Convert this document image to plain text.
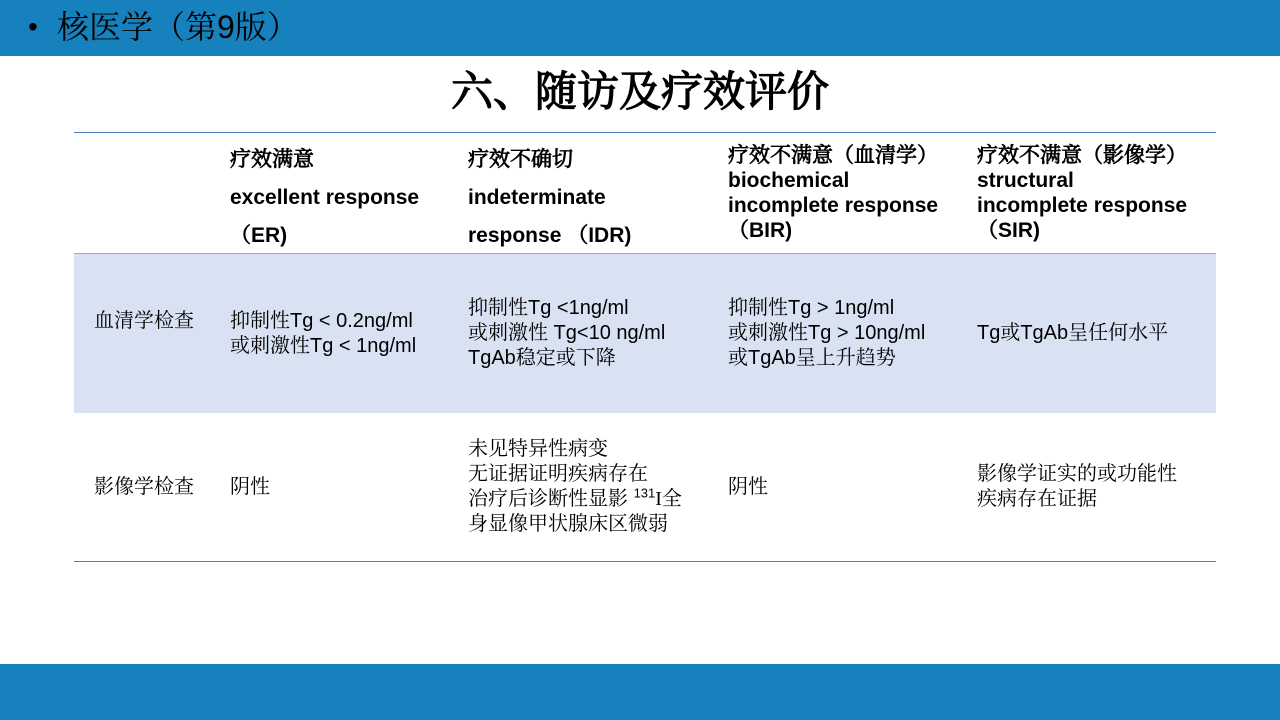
• 核医学（第9版）
六、随访及疗效评价
疗效满意
excellent response
（ER)
疗效不确切
indeterminate
response （IDR)
疗效不满意（血清学）
biochemical
incomplete response
（BIR)
疗效不满意（影像学）
structural
incomplete response
（SIR)
血清学检查	抑制性Tg < 0.2ng/ml
或刺激性Tg < 1ng/ml
抑制性Tg <1ng/ml
或刺激性 Tg<10 ng/ml
TgAb稳定或下降
抑制性Tg > 1ng/ml
或刺激性Tg > 10ng/ml
或TgAb呈上升趋势
Tg或TgAb呈任何水平
影像学检查	阴性
未见特异性病变
无证据证明疾病存在
治疗后诊断性显影 $^{131}$I全
身显像甲状腺床区微弱
阴性
影像学证实的或功能性
疾病存在证据
